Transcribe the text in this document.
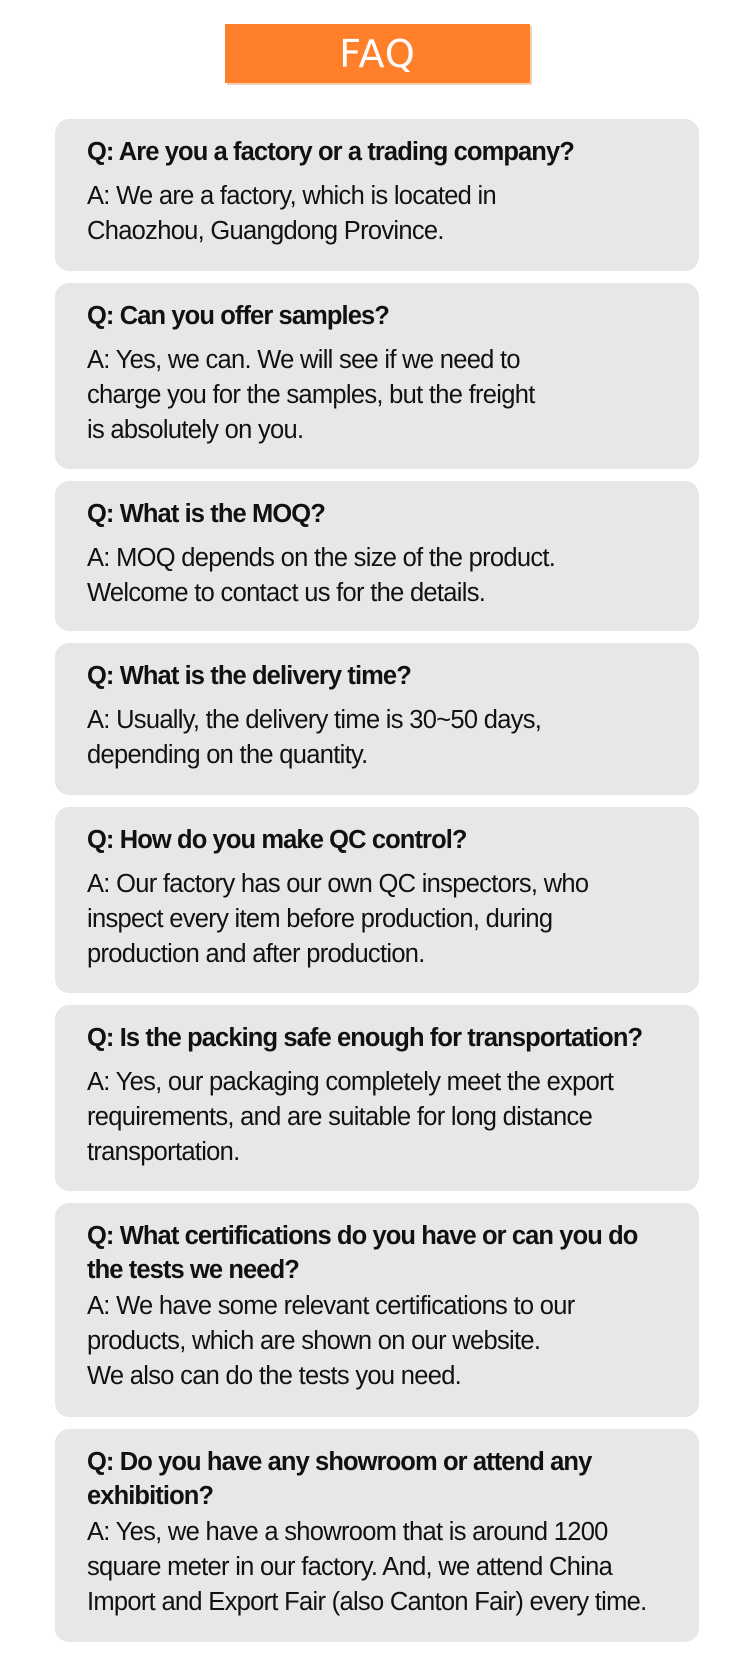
FAQ

Q: Are you a factory or a trading company?

A: We are a factory, which is located in
Chaozhou, Guangdong Province.

Q: Can you offer samples?

A: Yes, we can. We will see if we need to
charge you for the samples, but the freight
is absolutely on you.

Q: What is the MOQ?

A: MOQ depends on the size of the product.
Welcome to contact us for the details.

Q: What is the delivery time?

A: Usually, the delivery time is 30~50 days,
depending on the quantity.

Q: How do you make QC control?

A: Our factory has our own QC inspectors, who
inspect every item before production, during
production and after production.

Q: Is the packing safe enough for transportation?

A: Yes, our packaging completely meet the export
requirements, and are suitable for long distance
transportation.

Q: What certifications do you have or can you do
the tests we need?

A: We have some relevant certifications to our
products, which are shown on our website.
We also can do the tests you need.

Q: Do you have any showroom or attend any
exhibition?

A: Yes, we have a showroom that is around 1200
square meter in our factory. And, we attend China
Import and Export Fair (also Canton Fair) every time.
